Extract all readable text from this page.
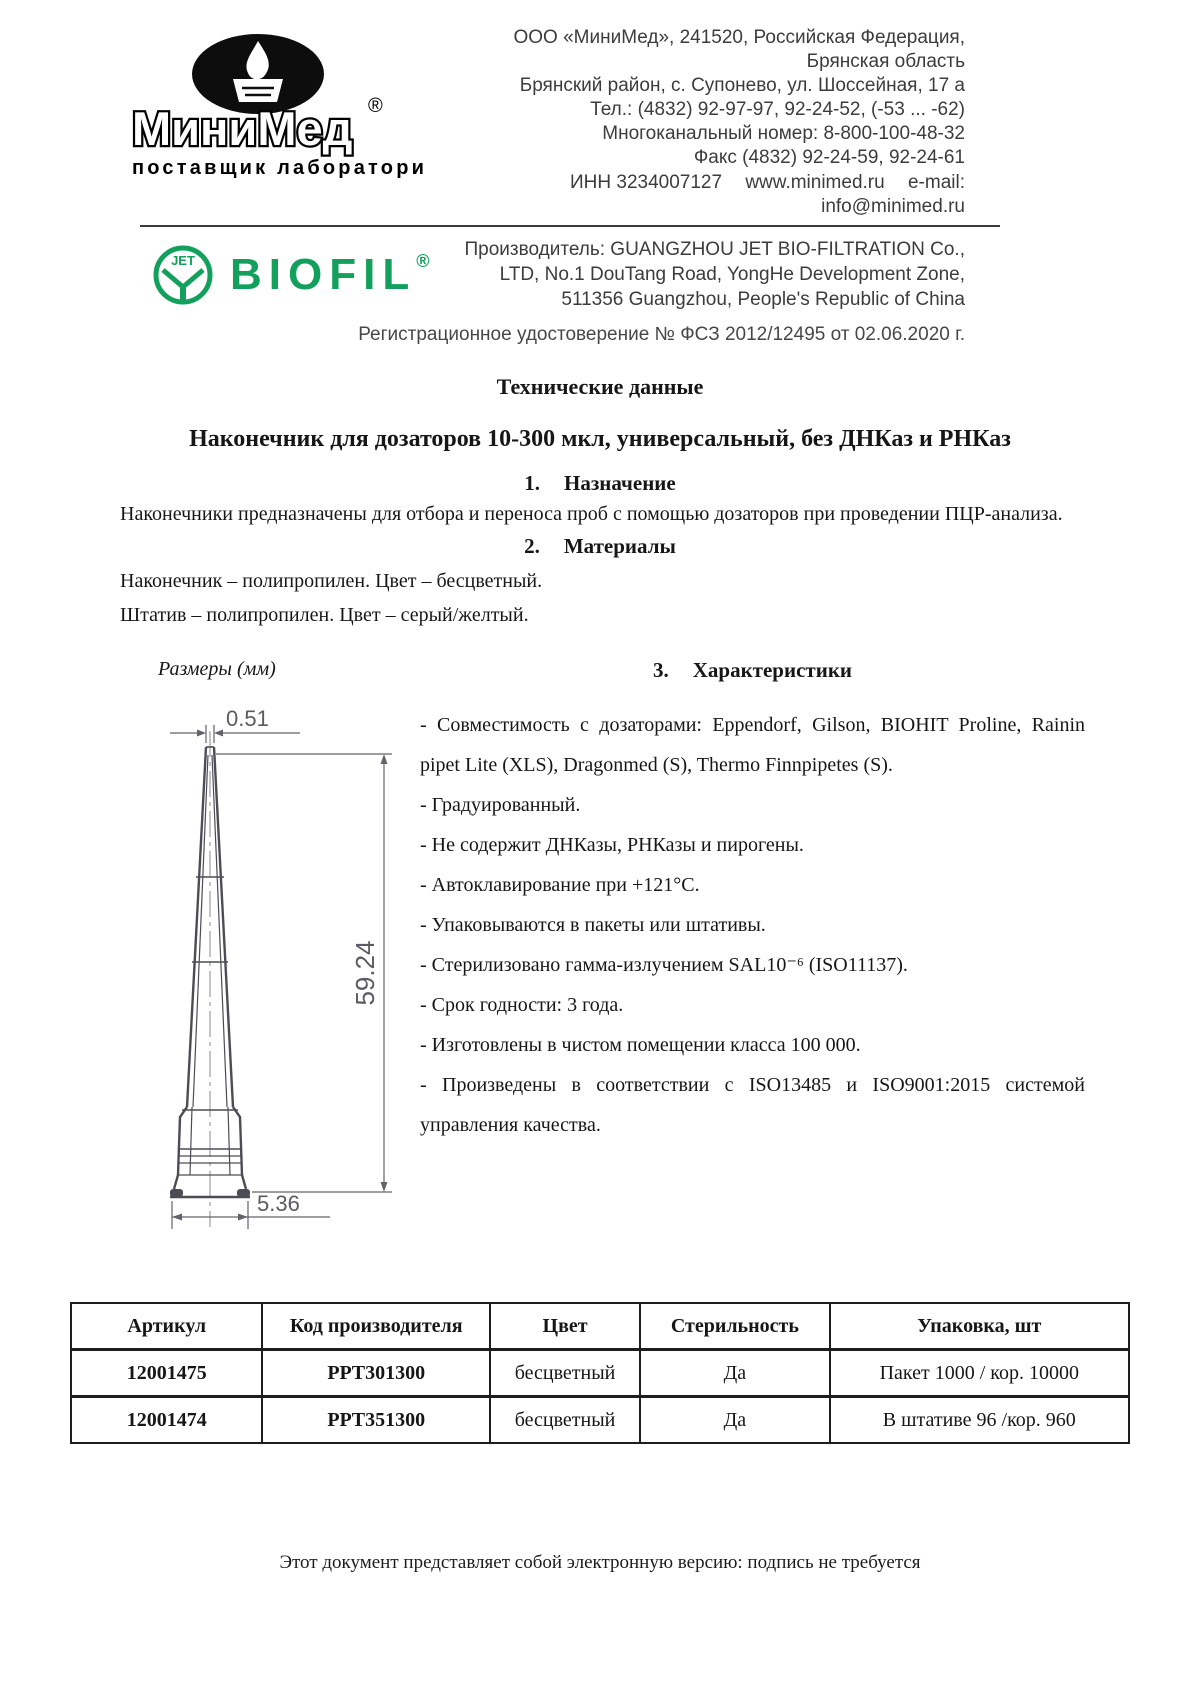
МиниМед ®
поставщик лабораторий
ООО «МиниМед», 241520, Российская Федерация, Брянская область
Брянский район, с. Супонево, ул. Шоссейная, 17 а
Тел.: (4832) 92-97-97, 92-24-52, (-53 ... -62)
Многоканальный номер: 8-800-100-48-32
Факс (4832) 92-24-59, 92-24-61
ИНН 3234007127 www.minimed.ru e-mail: info@minimed.ru
JET BIOFIL®
Производитель: GUANGZHOU JET BIO-FILTRATION Co.,
LTD, No.1 DouTang Road, YongHe Development Zone,
511356 Guangzhou, People's Republic of China
Регистрационное удостоверение № ФСЗ 2012/12495 от 02.06.2020 г.
Технические данные
Наконечник для дозаторов 10-300 мкл, универсальный, без ДНКаз и РНКаз
1. Назначение
Наконечники предназначены для отбора и переноса проб с помощью дозаторов при проведении ПЦР-анализа.
2. Материалы
Наконечник – полипропилен. Цвет – бесцветный.
Штатив – полипропилен. Цвет – серый/желтый.
Размеры (мм)
0.51
59.24
5.36
3. Характеристики
- Совместимость с дозаторами: Eppendorf, Gilson, BIOHIT Proline, Rainin pipet Lite (XLS), Dragonmed (S), Thermo Finnpipetes (S).
- Градуированный.
- Не содержит ДНКазы, РНКазы и пирогены.
- Автоклавирование при +121°C.
- Упаковываются в пакеты или штативы.
- Стерилизовано гамма-излучением SAL10⁻⁶ (ISO11137).
- Срок годности: 3 года.
- Изготовлены в чистом помещении класса 100 000.
- Произведены в соответствии с ISO13485 и ISO9001:2015 системой управления качества.
Артикул	Код производителя	Цвет	Стерильность	Упаковка, шт
12001475	PPT301300	бесцветный	Да	Пакет 1000 / кор. 10000
12001474	PPT351300	бесцветный	Да	В штативе 96 /кор. 960
Этот документ представляет собой электронную версию: подпись не требуется
